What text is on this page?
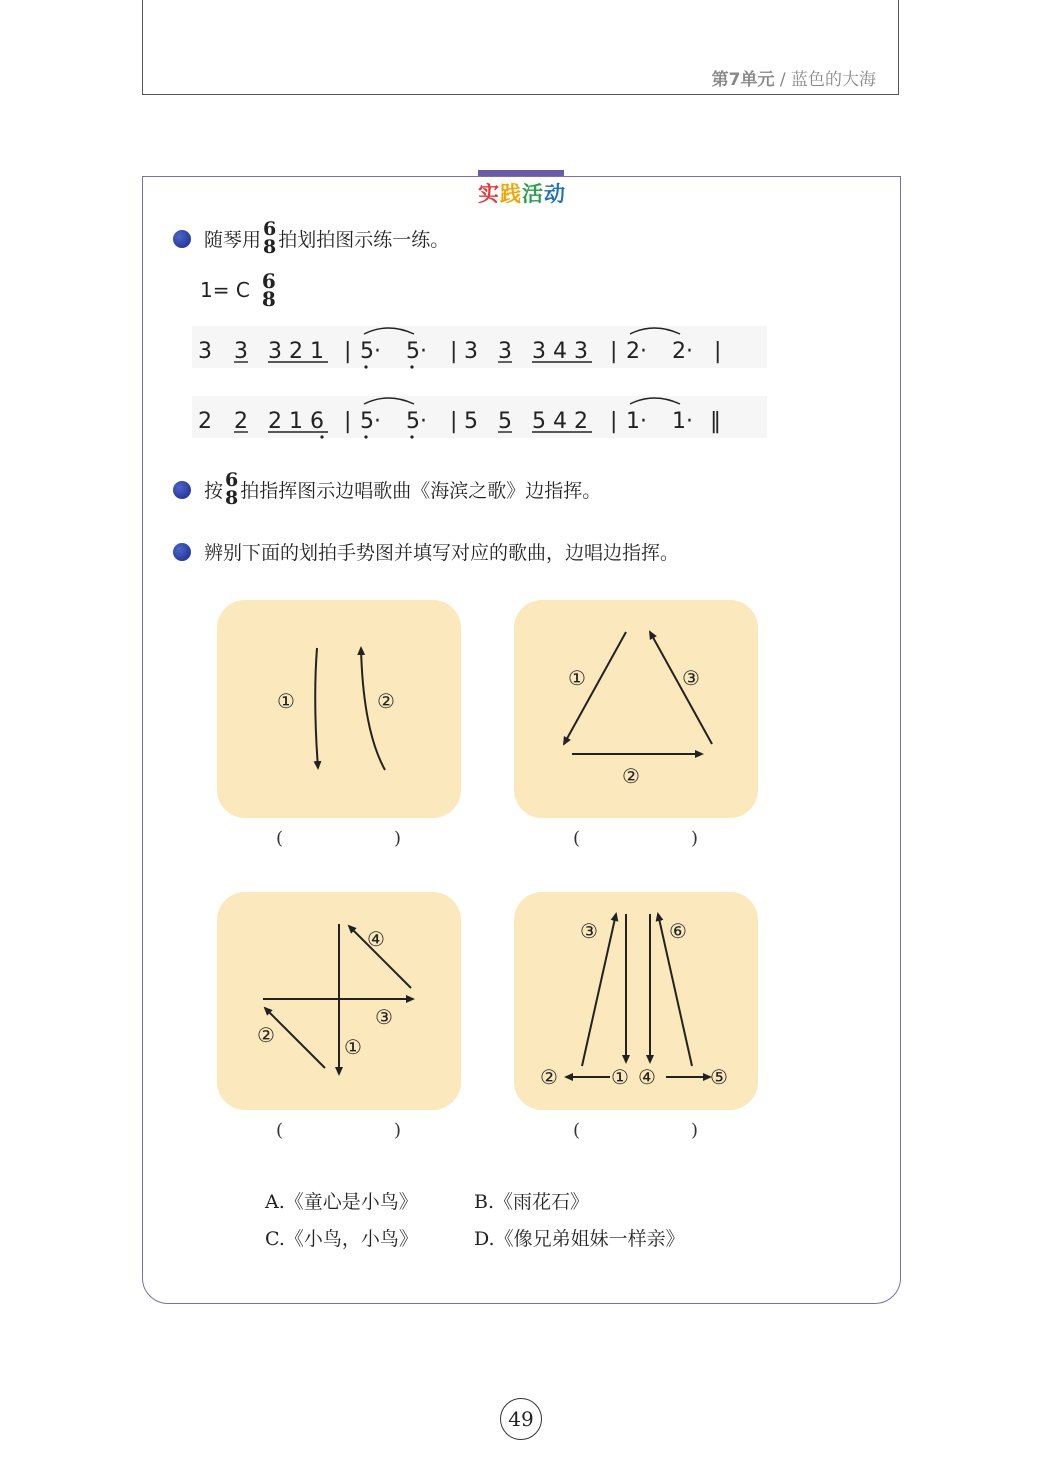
第7单元 / 蓝色的大海
实践活动
随琴用 6
8 拍划拍图示练一练。
1= C 6
8
3 3 3 2 1 | 5· 5· | 3 3 3 4 3 | 2· 2· |
2 2 2 1 6 | 5· 5· | 5 5 5 4 2 | 1· 1· ‖
按 6
8 拍指挥图示边唱歌曲《海滨之歌》边指挥。
辨别下面的划拍手势图并填写对应的歌曲，边唱边指挥。
①	②
(	)
①	③
②
(	)
④
③
②	①
(	)
③	⑥
②	① ④	⑤
(	)
A.《童心是小鸟》	B.《雨花石》
C.《小鸟，小鸟》	D.《像兄弟姐妹一样亲》
49
